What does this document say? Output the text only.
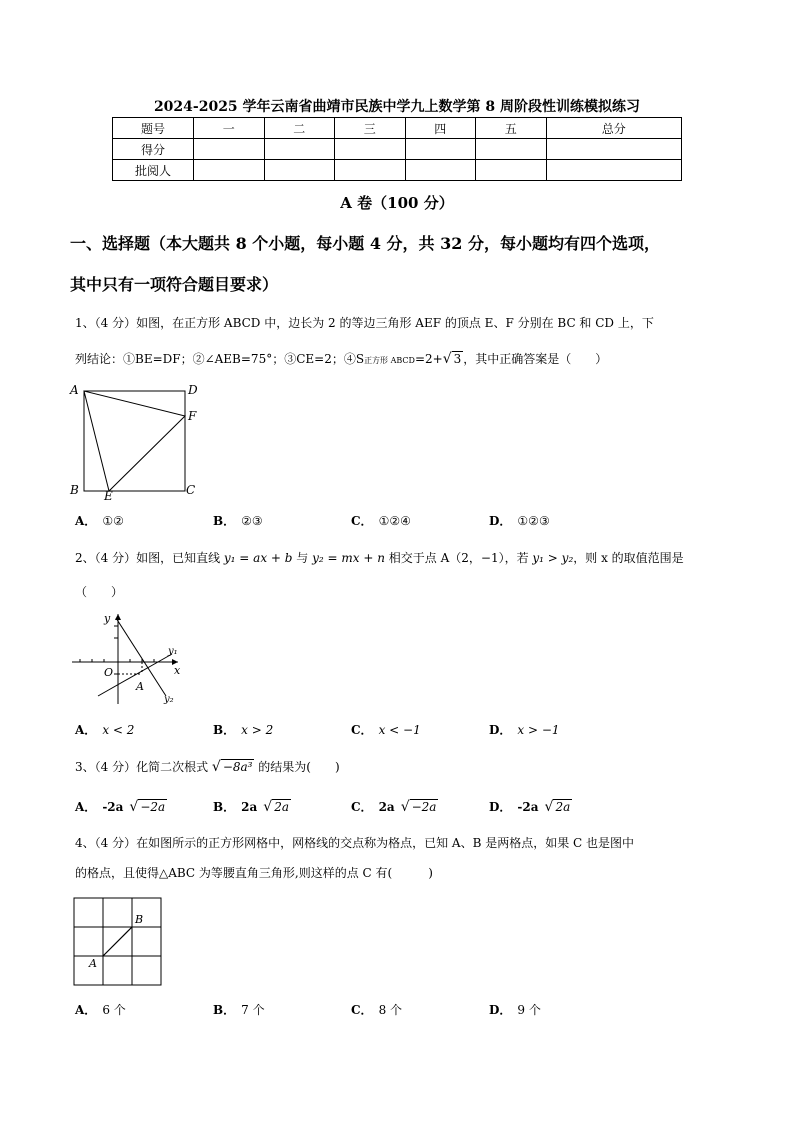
2024-2025 学年云南省曲靖市民族中学九上数学第 8 周阶段性训练模拟练习
题号	一	二	三	四	五	总分
得分						
批阅人						
A 卷（100 分）
一、选择题（本大题共 8 个小题，每小题 4 分，共 32 分，每小题均有四个选项，
其中只有一项符合题目要求）
1、（4 分）如图，在正方形 ABCD 中，边长为 2 的等边三角形 AEF 的顶点 E、F 分别在 BC 和 CD 上，下
列结论：①BE=DF；②∠AEB=75°；③CE=2；④S正方形 ABCD=2+√ 3 ，其中正确答案是（　　）
A	D
F
B E	C
A． ①②	B． ②③	C． ①②④	D． ①②③
2、（4 分）如图，已知直线 y₁ = ax + b 与 y₂ = mx + n 相交于点 A（2，−1），若 y₁ > y₂，则 x 的取值范围是
（　　）
y
x
O
A
y₁
y₂
A． x < 2	B． x > 2	C． x < −1	D． x > −1
3、（4 分）化简二次根式 √ −8a³ 的结果为(　　)
A． -2a √ −2a	B． 2a √ 2a	C． 2a √ −2a	D． -2a √ 2a
4、（4 分）在如图所示的正方形网格中，网格线的交点称为格点，已知 A、B 是两格点，如果 C 也是图中
的格点，且使得△ABC 为等腰直角三角形,则这样的点 C 有(　　　)
A
B
A． 6 个	B． 7 个	C． 8 个	D． 9 个
